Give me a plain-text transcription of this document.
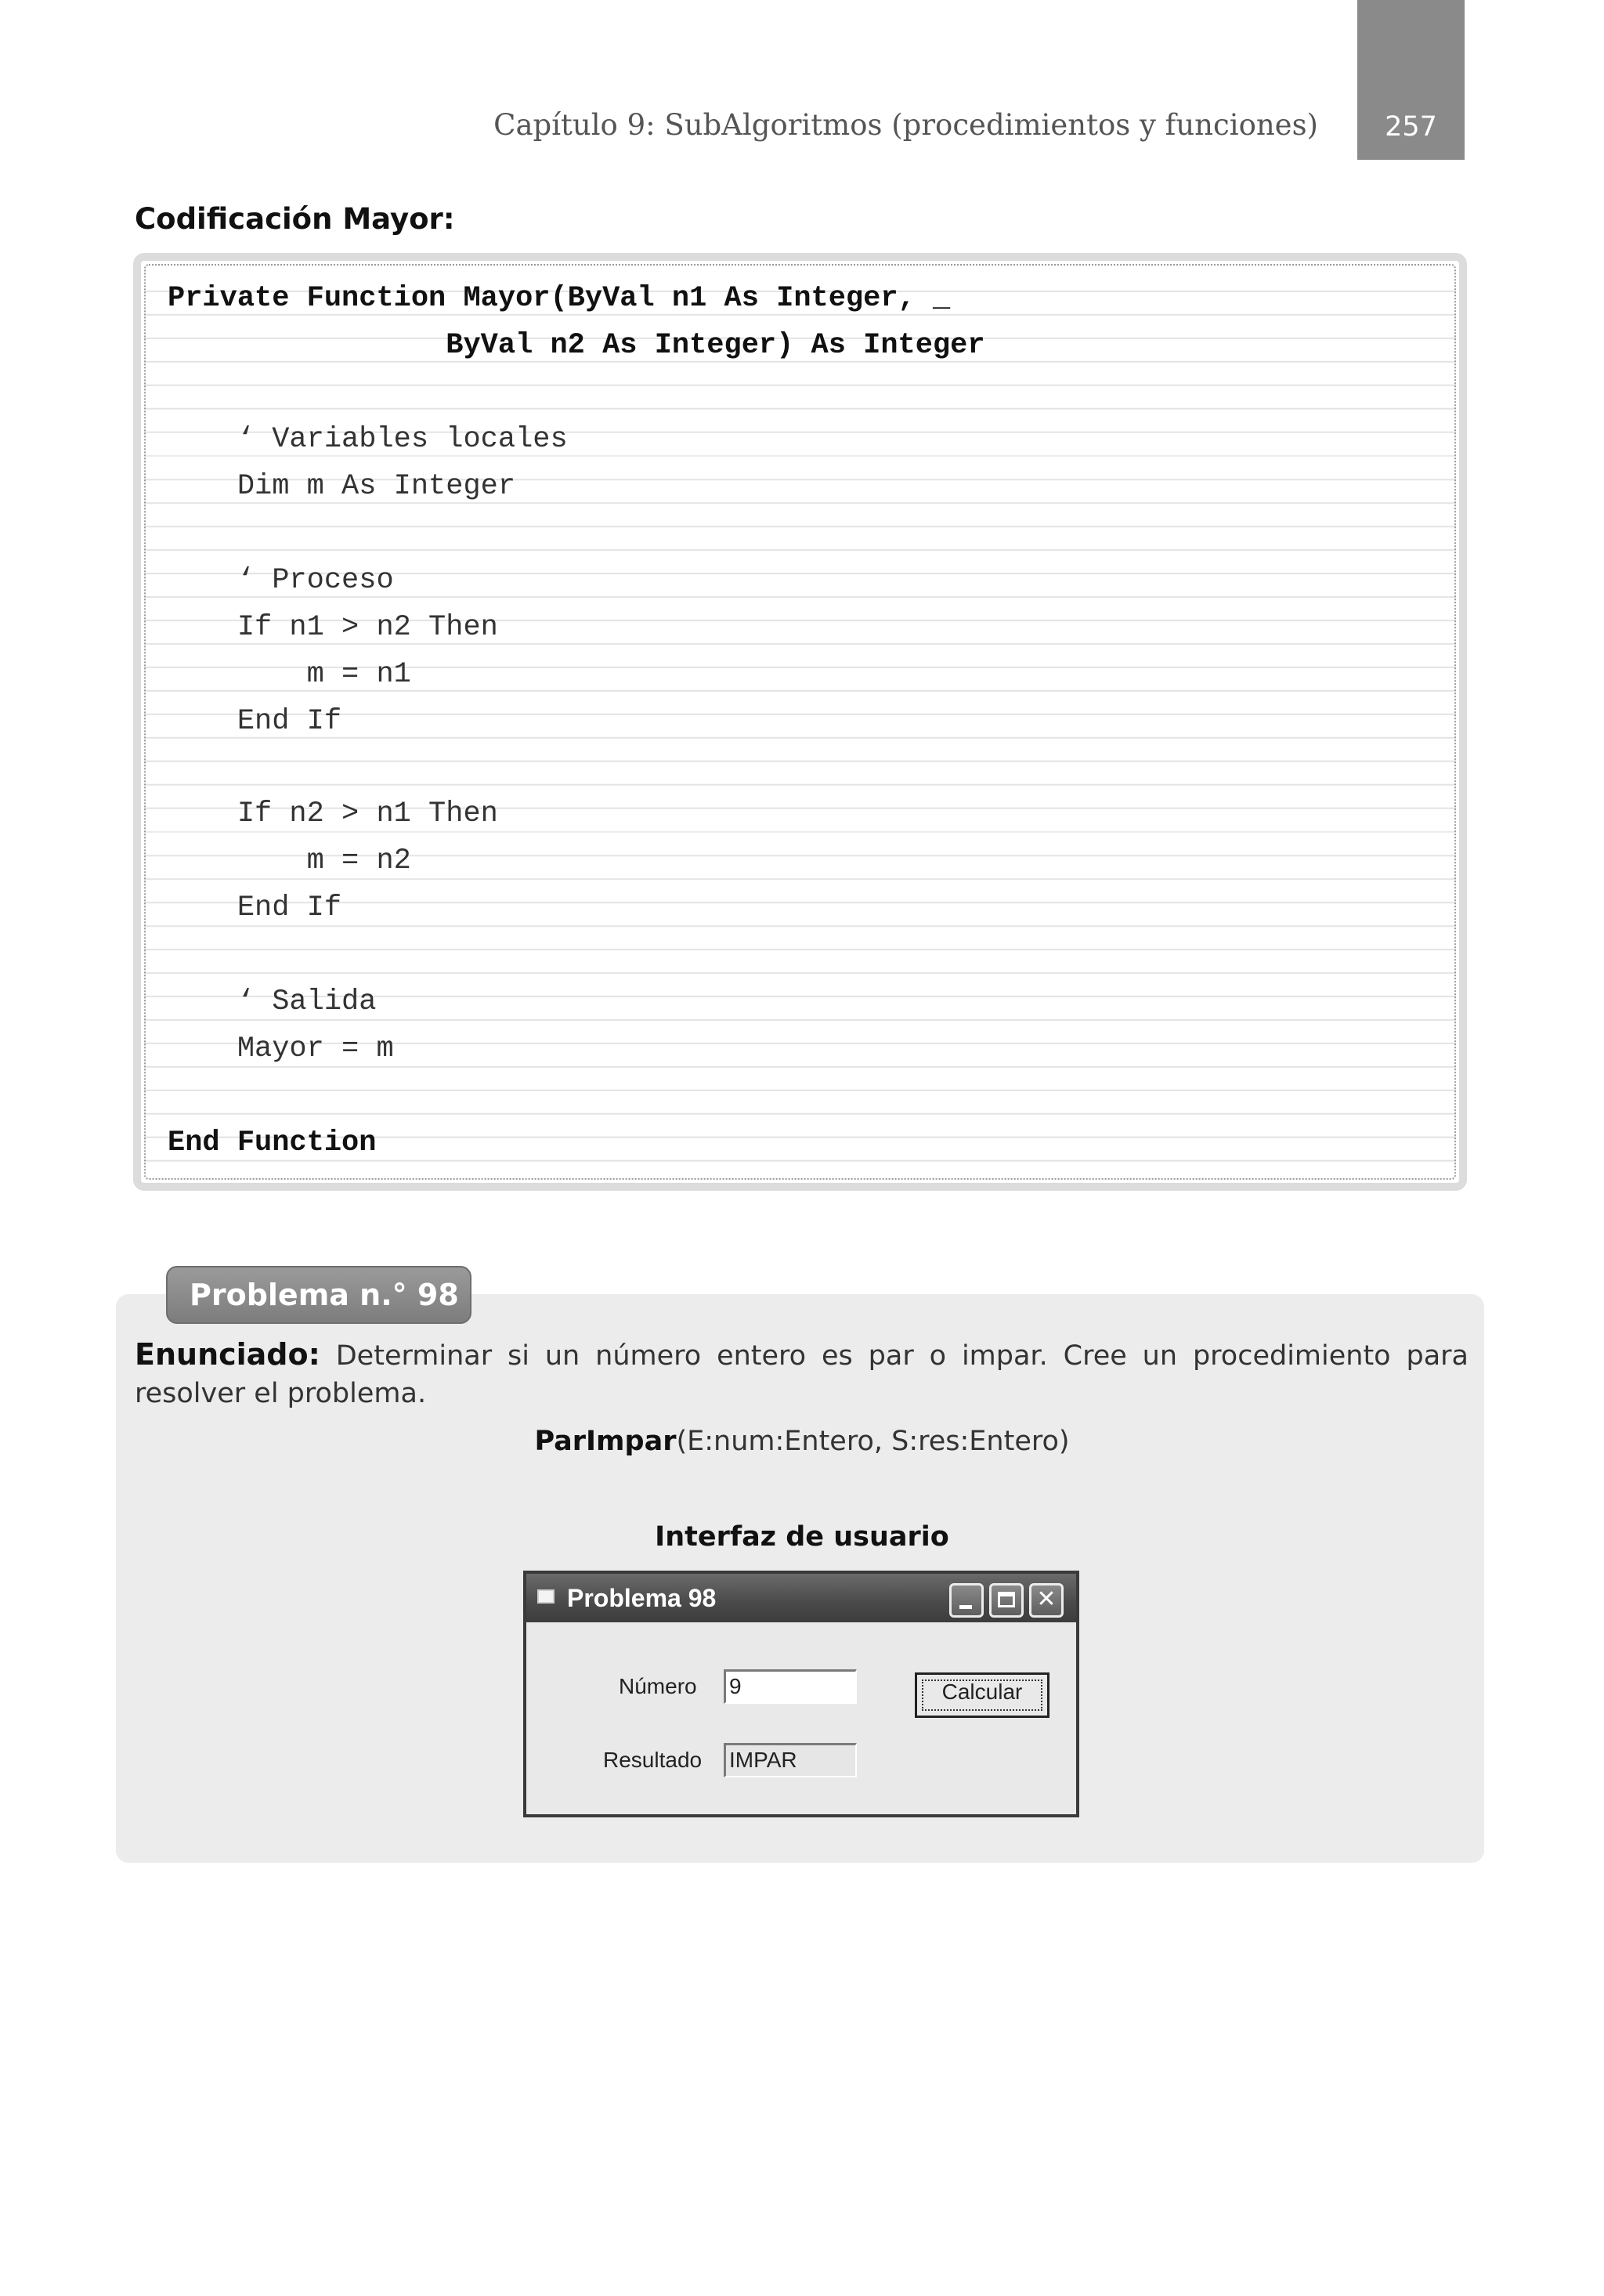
Capítulo 9: SubAlgoritmos (procedimientos y funciones)	257
Codificación Mayor:
Private Function Mayor(ByVal n1 As Integer, _
ByVal n2 As Integer) As Integer
‘ Variables locales
Dim m As Integer
‘ Proceso
If n1 > n2 Then
m = n1
End If
If n2 > n1 Then
m = n2
End If
‘ Salida
Mayor = m
End Function
Problema n.° 98
Enunciado: Determinar si un número entero es par o impar. Cree un procedimiento para resolver el problema.
ParImpar(E:num:Entero, S:res:Entero)
Interfaz de usuario
Problema 98	✕
Número 9
Resultado IMPAR
Calcular
